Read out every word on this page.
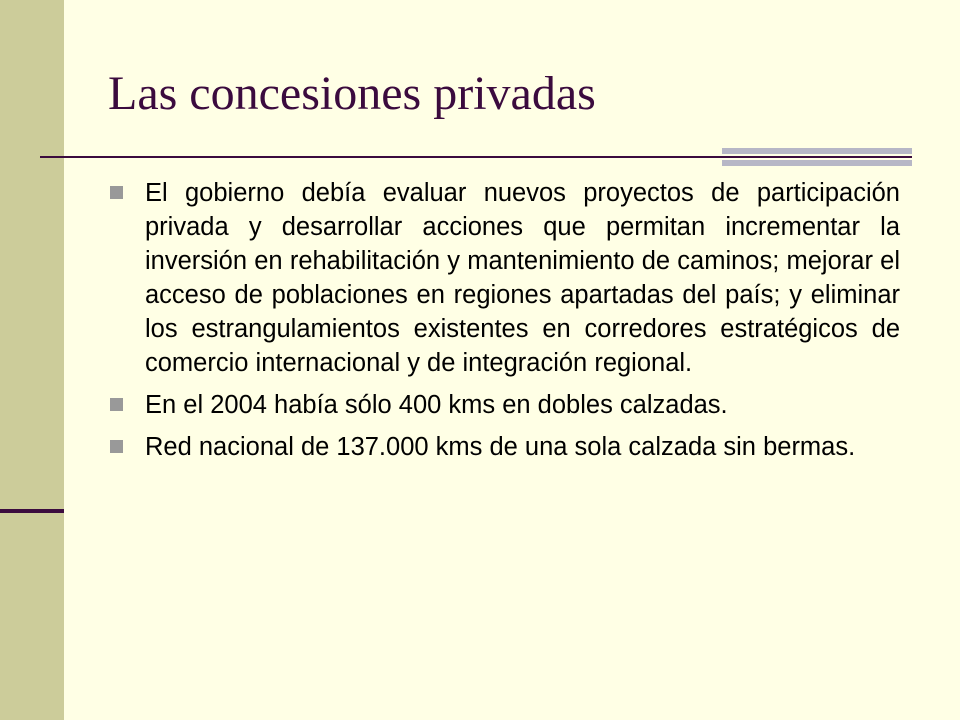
Las concesiones privadas
El gobierno debía evaluar nuevos proyectos de participación privada y desarrollar acciones que permitan incrementar la inversión en rehabilitación y mantenimiento de caminos; mejorar el acceso de poblaciones en regiones apartadas del país; y eliminar los estrangulamientos existentes en corredores estratégicos de comercio internacional y de integración regional.
En el 2004 había sólo 400 kms en dobles calzadas.
Red nacional de 137.000 kms de una sola calzada sin bermas.
